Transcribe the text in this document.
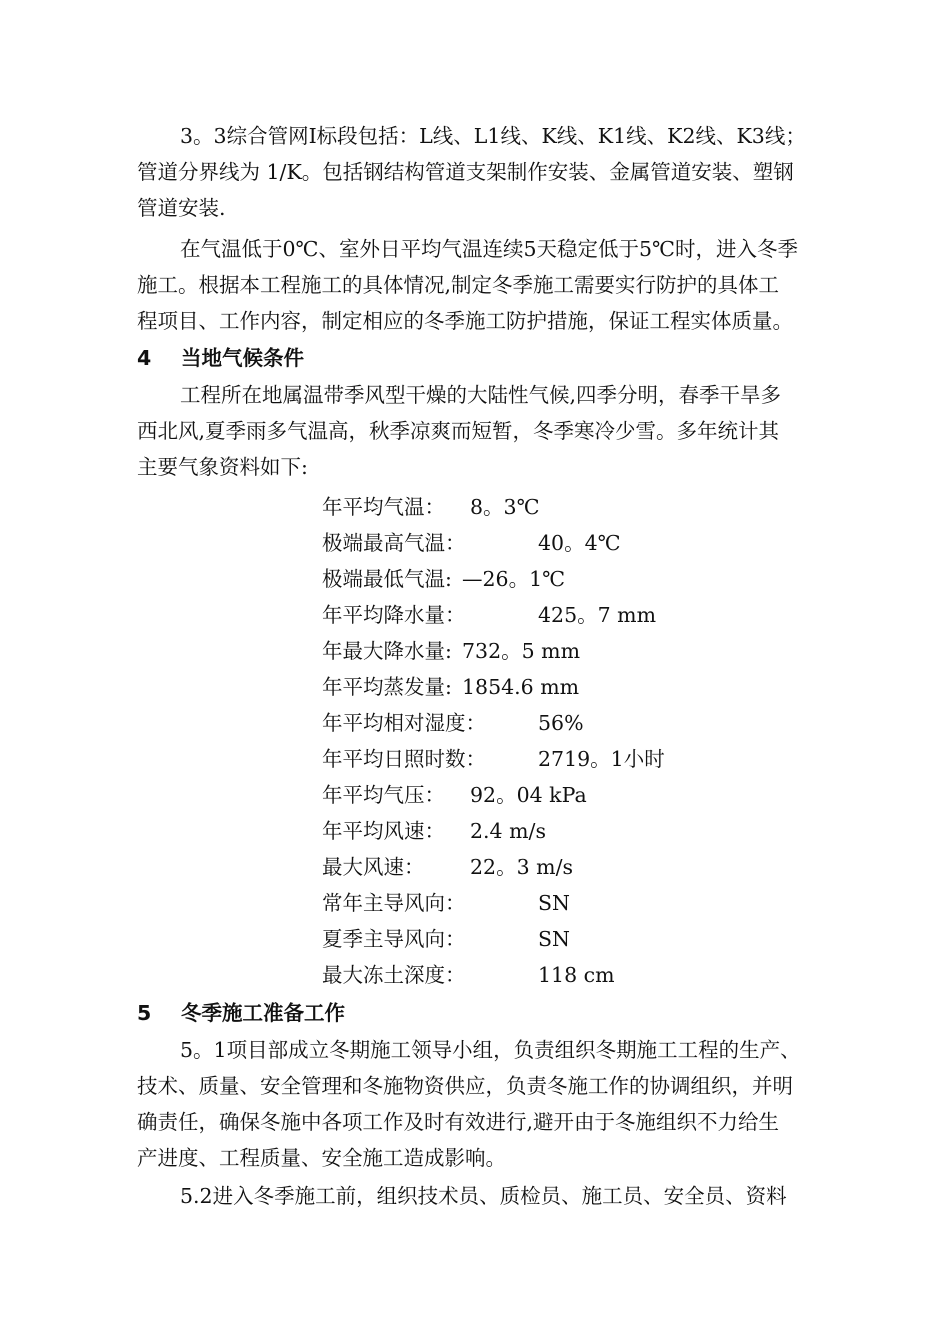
3。3综合管网Ⅰ标段包括：L线、L1线、K线、K1线、K2线、K3线；
管道分界线为 1/K。包括钢结构管道支架制作安装、金属管道安装、塑钢
管道安装.
在气温低于0℃、室外日平均气温连续5天稳定低于5℃时，进入冬季
施工。根据本工程施工的具体情况,制定冬季施工需要实行防护的具体工
程项目、工作内容，制定相应的冬季施工防护措施，保证工程实体质量。
4 当地气候条件
工程所在地属温带季风型干燥的大陆性气候,四季分明，春季干旱多
西北风,夏季雨多气温高，秋季凉爽而短暂，冬季寒冷少雪。多年统计其
主要气象资料如下:
年平均气温： 8。3℃
极端最高气温：	40。4℃
极端最低气温: —26。1℃
年平均降水量：	425。7 mm
年最大降水量: 732。5 mm
年平均蒸发量: 1854.6 mm
年平均相对湿度：	56%
年平均日照时数：	2719。1小时
年平均气压： 92。04 kPa
年平均风速： 2.4 m/s
最大风速： 22。3 m/s
常年主导风向：	SN
夏季主导风向：	SN
最大冻土深度：	118 cm
5 冬季施工准备工作
5。1项目部成立冬期施工领导小组，负责组织冬期施工工程的生产、
技术、质量、安全管理和冬施物资供应，负责冬施工作的协调组织，并明
确责任，确保冬施中各项工作及时有效进行,避开由于冬施组织不力给生
产进度、工程质量、安全施工造成影响。
5.2进入冬季施工前，组织技术员、质检员、施工员、安全员、资料
